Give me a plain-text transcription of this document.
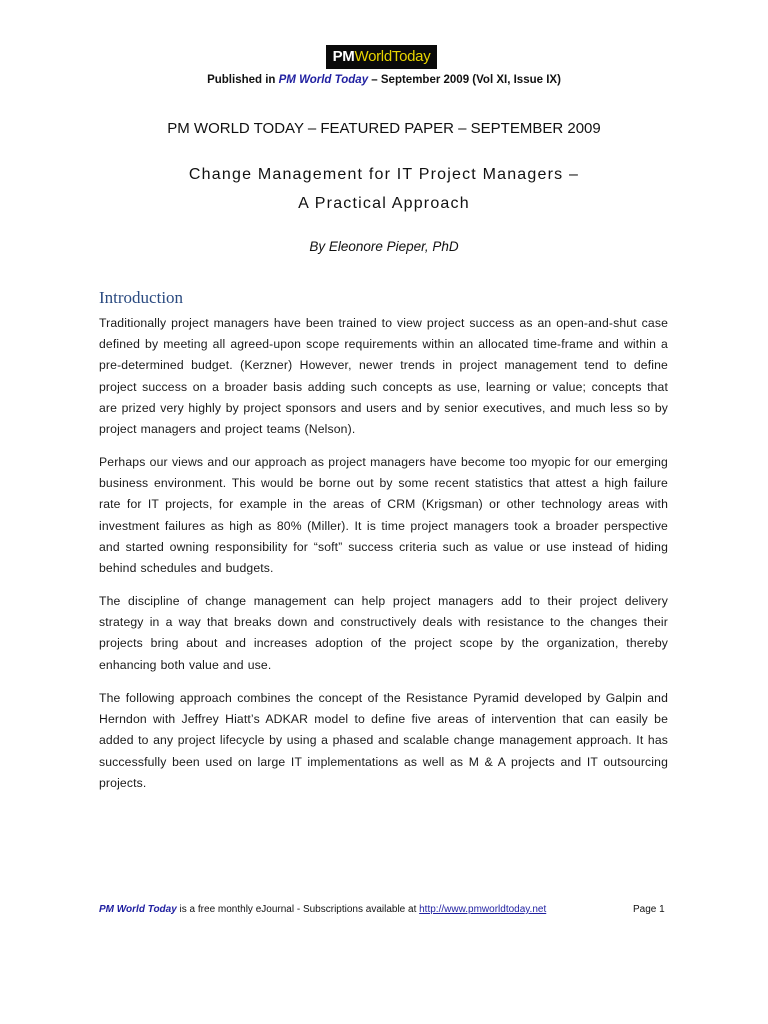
PM WorldToday
Published in PM World Today – September 2009 (Vol XI, Issue IX)
PM WORLD TODAY – FEATURED PAPER – SEPTEMBER 2009
Change Management for IT Project Managers –
A Practical Approach
By Eleonore Pieper, PhD
Introduction

Traditionally project managers have been trained to view project success as an open-and-shut case defined by meeting all agreed-upon scope requirements within an allocated time-frame and within a pre-determined budget. (Kerzner) However, newer trends in project management tend to define project success on a broader basis adding such concepts as use, learning or value; concepts that are prized very highly by project sponsors and users and by senior executives, and much less so by project managers and project teams (Nelson).

Perhaps our views and our approach as project managers have become too myopic for our emerging business environment. This would be borne out by some recent statistics that attest a high failure rate for IT projects, for example in the areas of CRM (Krigsman) or other technology areas with investment failures as high as 80% (Miller). It is time project managers took a broader perspective and started owning responsibility for “soft” success criteria such as value or use instead of hiding behind schedules and budgets.

The discipline of change management can help project managers add to their project delivery strategy in a way that breaks down and constructively deals with resistance to the changes their projects bring about and increases adoption of the project scope by the organization, thereby enhancing both value and use.

The following approach combines the concept of the Resistance Pyramid developed by Galpin and Herndon with Jeffrey Hiatt’s ADKAR model to define five areas of intervention that can easily be added to any project lifecycle by using a phased and scalable change management approach. It has successfully been used on large IT implementations as well as M & A projects and IT outsourcing projects.

PM World Today is a free monthly eJournal - Subscriptions available at http://www.pmworldtoday.net	Page 1
